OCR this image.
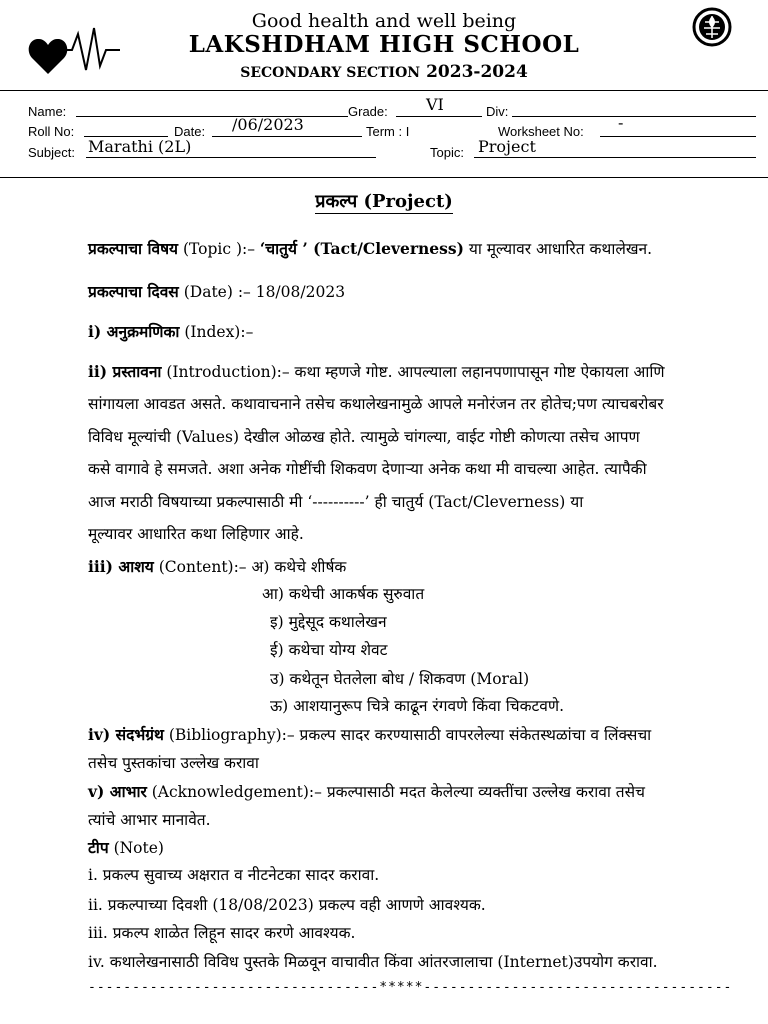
Good health and well being
LAKSHDHAM HIGH SCHOOL
SECONDARY SECTION 2023-2024
Name:	Grade: VI	Div:
Roll No:	Date: /06/2023	Term : I	Worksheet No: -
Subject: Marathi (2L)	Topic: Project
प्रकल्प (Project)
प्रकल्पाचा विषय (Topic ):– ‘चातुर्य ’ (Tact/Cleverness) या मूल्यावर आधारित कथालेखन.
प्रकल्पाचा दिवस (Date) :– 18/08/2023
i) अनुक्रमणिका (Index):–
ii) प्रस्तावना (Introduction):– कथा म्हणजे गोष्ट. आपल्याला लहानपणापासून गोष्ट ऐकायला आणि
सांगायला आवडत असते. कथावाचनाने तसेच कथालेखनामुळे आपले मनोरंजन तर होतेच;पण त्याचबरोबर
विविध मूल्यांची (Values) देखील ओळख होते. त्यामुळे चांगल्या, वाईट गोष्टी कोणत्या तसेच आपण
कसे वागावे हे समजते. अशा अनेक गोष्टींची शिकवण देणाऱ्या अनेक कथा मी वाचल्या आहेत. त्यापैकी
आज मराठी विषयाच्या प्रकल्पासाठी मी ‘----------’ ही चातुर्य (Tact/Cleverness) या
मूल्यावर आधारित कथा लिहिणार आहे.
iii) आशय (Content):– अ) कथेचे शीर्षक
आ) कथेची आकर्षक सुरुवात
इ) मुद्देसूद कथालेखन
ई) कथेचा योग्य शेवट
उ) कथेतून घेतलेला बोध / शिकवण (Moral)
ऊ) आशयानुरूप चित्रे काढून रंगवणे किंवा चिकटवणे.
iv) संदर्भग्रंथ (Bibliography):– प्रकल्प सादर करण्यासाठी वापरलेल्या संकेतस्थळांचा व लिंक्सचा
तसेच पुस्तकांचा उल्लेख करावा
v) आभार (Acknowledgement):– प्रकल्पासाठी मदत केलेल्या व्यक्तींचा उल्लेख करावा तसेच
त्यांचे आभार मानावेत.
टीप (Note)
i. प्रकल्प सुवाच्य अक्षरात व नीटनेटका सादर करावा.
ii. प्रकल्पाच्या दिवशी (18/08/2023) प्रकल्प वही आणणे आवश्यक.
iii. प्रकल्प शाळेत लिहून सादर करणे आवश्यक.
iv. कथालेखनासाठी विविध पुस्तके मिळवून वाचावीत किंवा आंतरजालाचा (Internet)उपयोग करावा.
---------------------------------*****-----------------------------------
